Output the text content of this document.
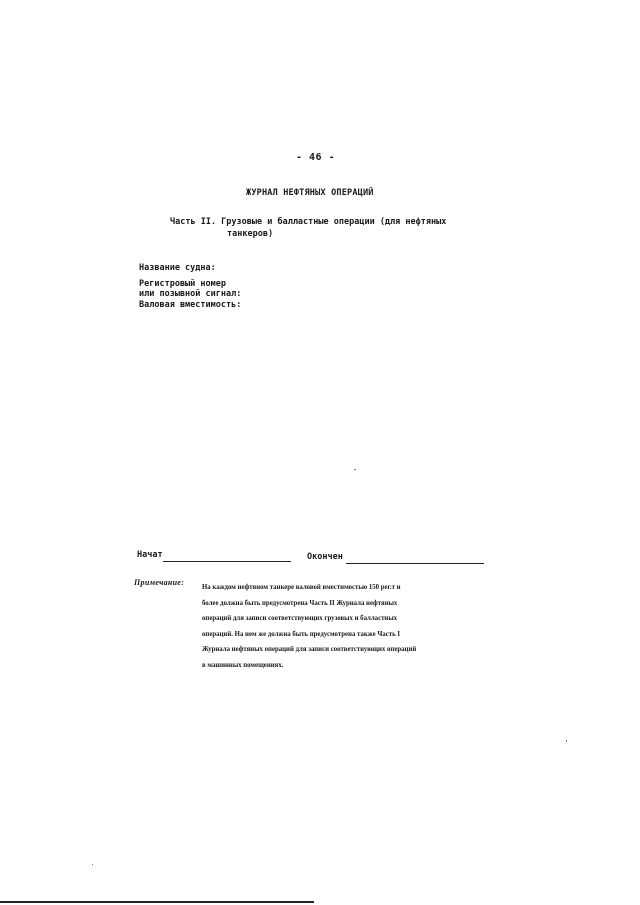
- 46 -
ЖУРНАЛ НЕФТЯНЫХ ОПЕРАЦИЙ
Часть II. Грузовые и балластные операции (для нефтяных
танкеров)
Название судна:
Регистровый номер
или позывной сигнал:
Валовая вместимость:
Начат	Окончен
Примечание:
На каждом нефтяном танкере валовой вместимостью 150 рег.т и
более должна быть предусмотрена Часть II Журнала нефтяных
операций для записи соответствующих грузовых и балластных
операций. На нем же должна быть предусмотрена также Часть I
Журнала нефтяных операций для записи соответствующих операций
в машинных помещениях.
